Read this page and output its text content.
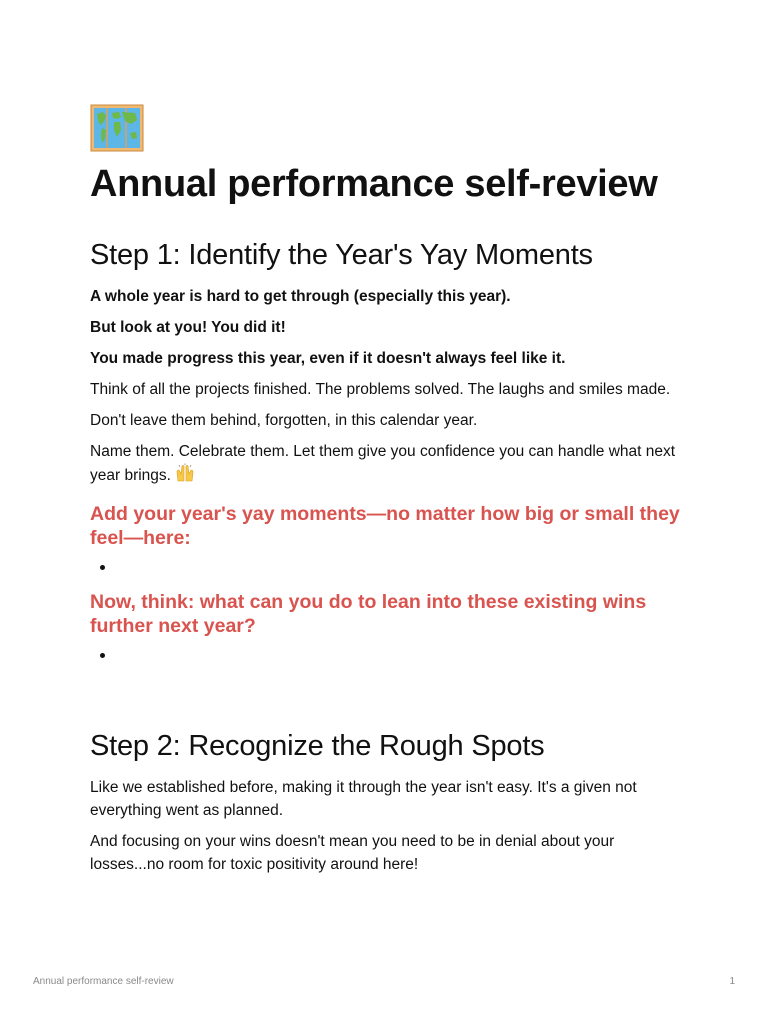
Annual performance self-review
Step 1: Identify the Year's Yay Moments

A whole year is hard to get through (especially this year).

But look at you! You did it!

You made progress this year, even if it doesn't always feel like it.

Think of all the projects finished. The problems solved. The laughs and smiles made.

Don't leave them behind, forgotten, in this calendar year.

Name them. Celebrate them. Let them give you confidence you can handle what next year brings.

Add your year's yay moments—no matter how big or small they feel—here:
Now, think: what can you do to lean into these existing wins further next year?
Step 2: Recognize the Rough Spots

Like we established before, making it through the year isn't easy. It's a given not everything went as planned.

And focusing on your wins doesn't mean you need to be in denial about your losses...no room for toxic positivity around here!

Annual performance self-review	1
